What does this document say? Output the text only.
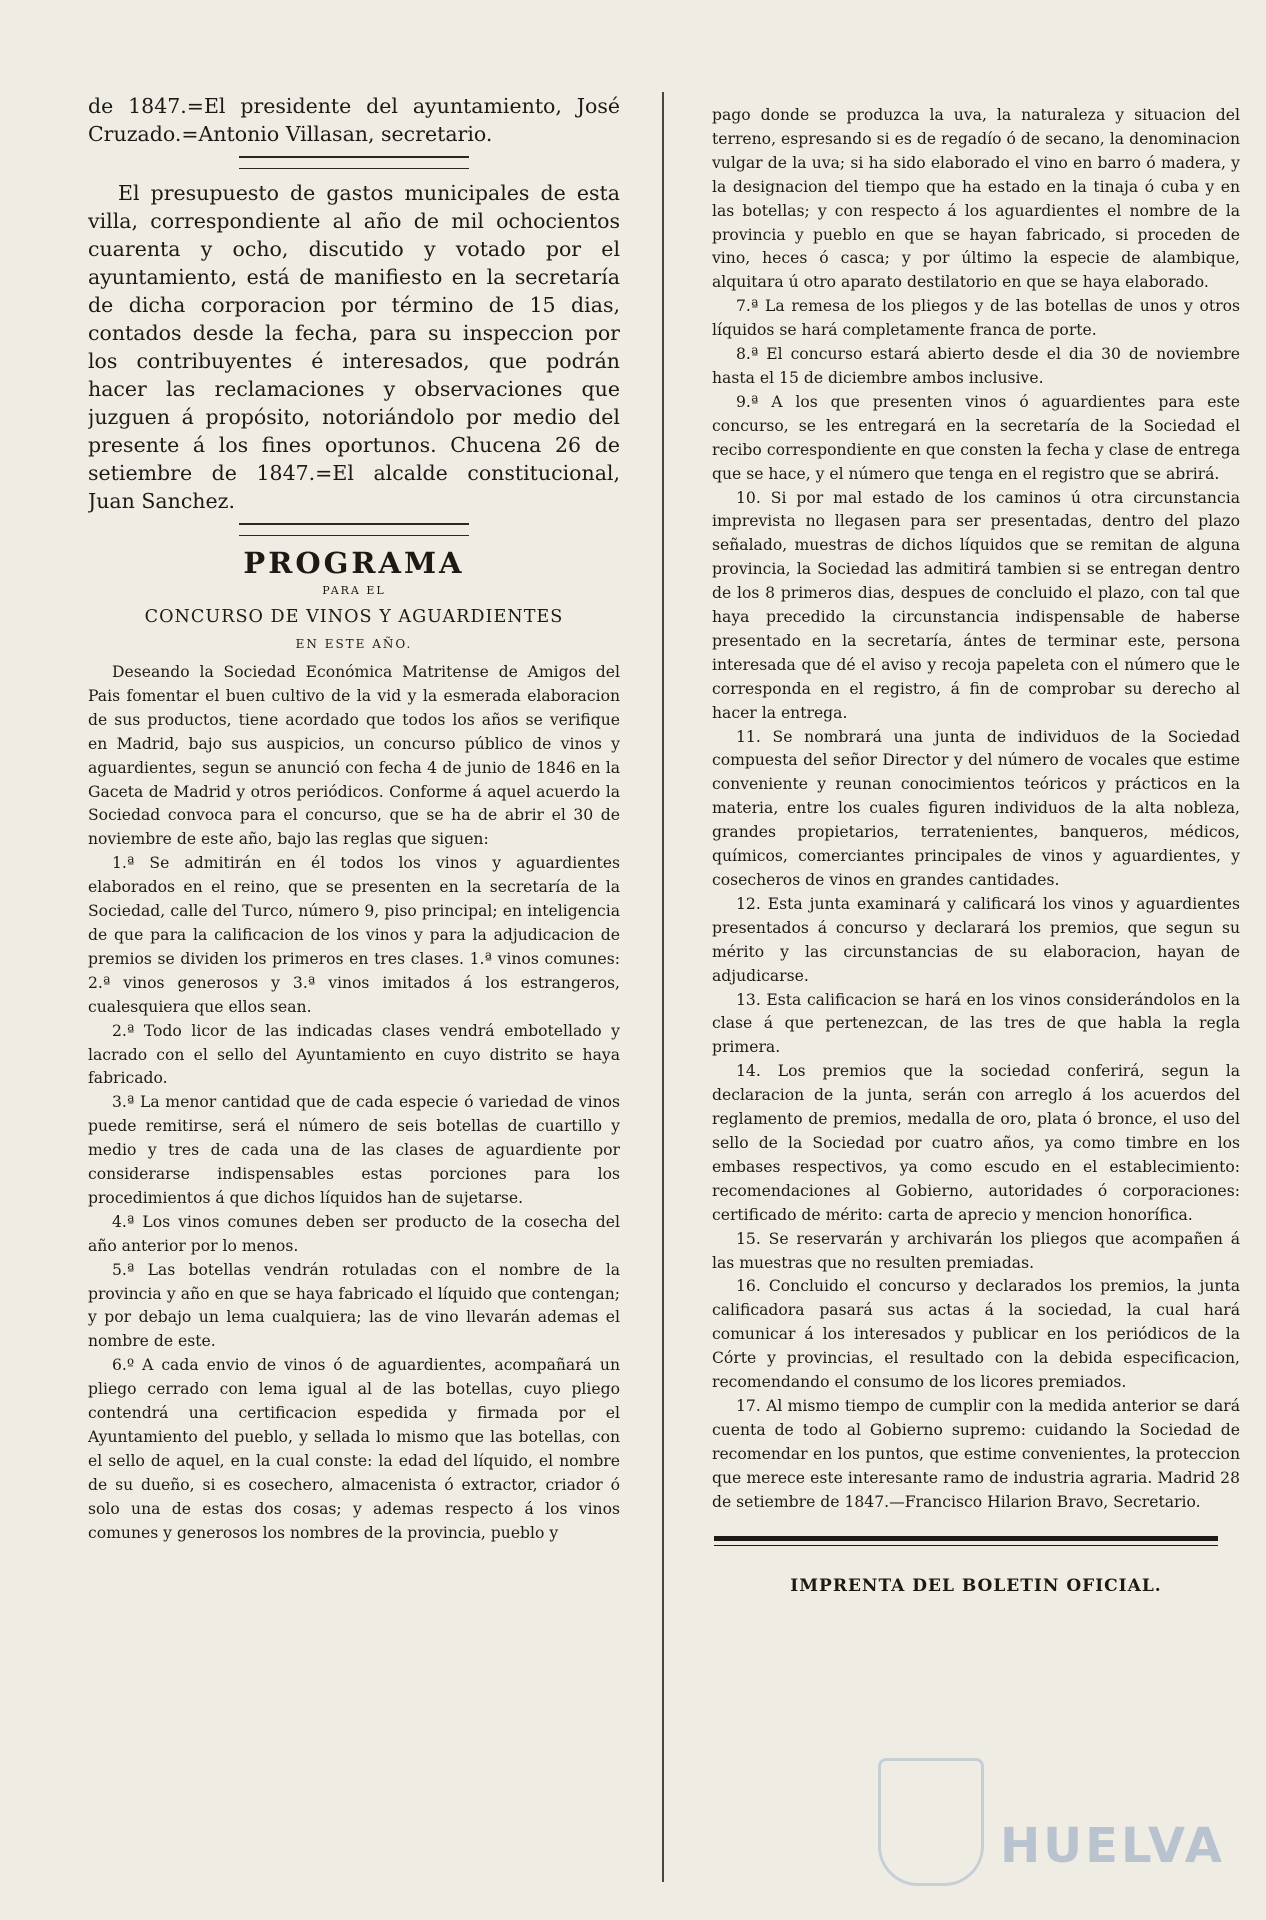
de 1847.=El presidente del ayuntamiento, José Cruzado.=Antonio Villasan, secretario.

El presupuesto de gastos municipales de esta villa, correspondiente al año de mil ochocientos cuarenta y ocho, discutido y votado por el ayuntamiento, está de manifiesto en la secretaría de dicha corporacion por término de 15 dias, contados desde la fecha, para su inspeccion por los contribuyentes é interesados, que podrán hacer las reclamaciones y observaciones que juzguen á propósito, notoriándolo por medio del presente á los fines oportunos. Chucena 26 de setiembre de 1847.=El alcalde constitucional, Juan Sanchez.

PROGRAMA
PARA EL
CONCURSO DE VINOS Y AGUARDIENTES
EN ESTE AÑO.

Deseando la Sociedad Económica Matritense de Amigos del Pais fomentar el buen cultivo de la vid y la esmerada elaboracion de sus productos, tiene acordado que todos los años se verifique en Madrid, bajo sus auspicios, un concurso público de vinos y aguardientes, segun se anunció con fecha 4 de junio de 1846 en la Gaceta de Madrid y otros periódicos. Conforme á aquel acuerdo la Sociedad convoca para el concurso, que se ha de abrir el 30 de noviembre de este año, bajo las reglas que siguen:

1.ª Se admitirán en él todos los vinos y aguardientes elaborados en el reino, que se presenten en la secretaría de la Sociedad, calle del Turco, número 9, piso principal; en inteligencia de que para la calificacion de los vinos y para la adjudicacion de premios se dividen los primeros en tres clases. 1.ª vinos comunes: 2.ª vinos generosos y 3.ª vinos imitados á los estrangeros, cualesquiera que ellos sean.

2.ª Todo licor de las indicadas clases vendrá embotellado y lacrado con el sello del Ayuntamiento en cuyo distrito se haya fabricado.

3.ª La menor cantidad que de cada especie ó variedad de vinos puede remitirse, será el número de seis botellas de cuartillo y medio y tres de cada una de las clases de aguardiente por considerarse indispensables estas porciones para los procedimientos á que dichos líquidos han de sujetarse.

4.ª Los vinos comunes deben ser producto de la cosecha del año anterior por lo menos.

5.ª Las botellas vendrán rotuladas con el nombre de la provincia y año en que se haya fabricado el líquido que contengan; y por debajo un lema cualquiera; las de vino llevarán ademas el nombre de este.

6.º A cada envio de vinos ó de aguardientes, acompañará un pliego cerrado con lema igual al de las botellas, cuyo pliego contendrá una certificacion espedida y firmada por el Ayuntamiento del pueblo, y sellada lo mismo que las botellas, con el sello de aquel, en la cual conste: la edad del líquido, el nombre de su dueño, si es cosechero, almacenista ó extractor, criador ó solo una de estas dos cosas; y ademas respecto á los vinos comunes y generosos los nombres de la provincia, pueblo y

pago donde se produzca la uva, la naturaleza y situacion del terreno, espresando si es de regadío ó de secano, la denominacion vulgar de la uva; si ha sido elaborado el vino en barro ó madera, y la designacion del tiempo que ha estado en la tinaja ó cuba y en las botellas; y con respecto á los aguardientes el nombre de la provincia y pueblo en que se hayan fabricado, si proceden de vino, heces ó casca; y por último la especie de alambique, alquitara ú otro aparato destilatorio en que se haya elaborado.

7.ª La remesa de los pliegos y de las botellas de unos y otros líquidos se hará completamente franca de porte.

8.ª El concurso estará abierto desde el dia 30 de noviembre hasta el 15 de diciembre ambos inclusive.

9.ª A los que presenten vinos ó aguardientes para este concurso, se les entregará en la secretaría de la Sociedad el recibo correspondiente en que consten la fecha y clase de entrega que se hace, y el número que tenga en el registro que se abrirá.

10. Si por mal estado de los caminos ú otra circunstancia imprevista no llegasen para ser presentadas, dentro del plazo señalado, muestras de dichos líquidos que se remitan de alguna provincia, la Sociedad las admitirá tambien si se entregan dentro de los 8 primeros dias, despues de concluido el plazo, con tal que haya precedido la circunstancia indispensable de haberse presentado en la secretaría, ántes de terminar este, persona interesada que dé el aviso y recoja papeleta con el número que le corresponda en el registro, á fin de comprobar su derecho al hacer la entrega.

11. Se nombrará una junta de individuos de la Sociedad compuesta del señor Director y del número de vocales que estime conveniente y reunan conocimientos teóricos y prácticos en la materia, entre los cuales figuren individuos de la alta nobleza, grandes propietarios, terratenientes, banqueros, médicos, químicos, comerciantes principales de vinos y aguardientes, y cosecheros de vinos en grandes cantidades.

12. Esta junta examinará y calificará los vinos y aguardientes presentados á concurso y declarará los premios, que segun su mérito y las circunstancias de su elaboracion, hayan de adjudicarse.

13. Esta calificacion se hará en los vinos considerándolos en la clase á que pertenezcan, de las tres de que habla la regla primera.

14. Los premios que la sociedad conferirá, segun la declaracion de la junta, serán con arreglo á los acuerdos del reglamento de premios, medalla de oro, plata ó bronce, el uso del sello de la Sociedad por cuatro años, ya como timbre en los embases respectivos, ya como escudo en el establecimiento: recomendaciones al Gobierno, autoridades ó corporaciones: certificado de mérito: carta de aprecio y mencion honorífica.

15. Se reservarán y archivarán los pliegos que acompañen á las muestras que no resulten premiadas.

16. Concluido el concurso y declarados los premios, la junta calificadora pasará sus actas á la sociedad, la cual hará comunicar á los interesados y publicar en los periódicos de la Córte y provincias, el resultado con la debida especificacion, recomendando el consumo de los licores premiados.

17. Al mismo tiempo de cumplir con la medida anterior se dará cuenta de todo al Gobierno supremo: cuidando la Sociedad de recomendar en los puntos, que estime convenientes, la proteccion que merece este interesante ramo de industria agraria. Madrid 28 de setiembre de 1847.—Francisco Hilarion Bravo, Secretario.

IMPRENTA DEL BOLETIN OFICIAL.
HUELVA
